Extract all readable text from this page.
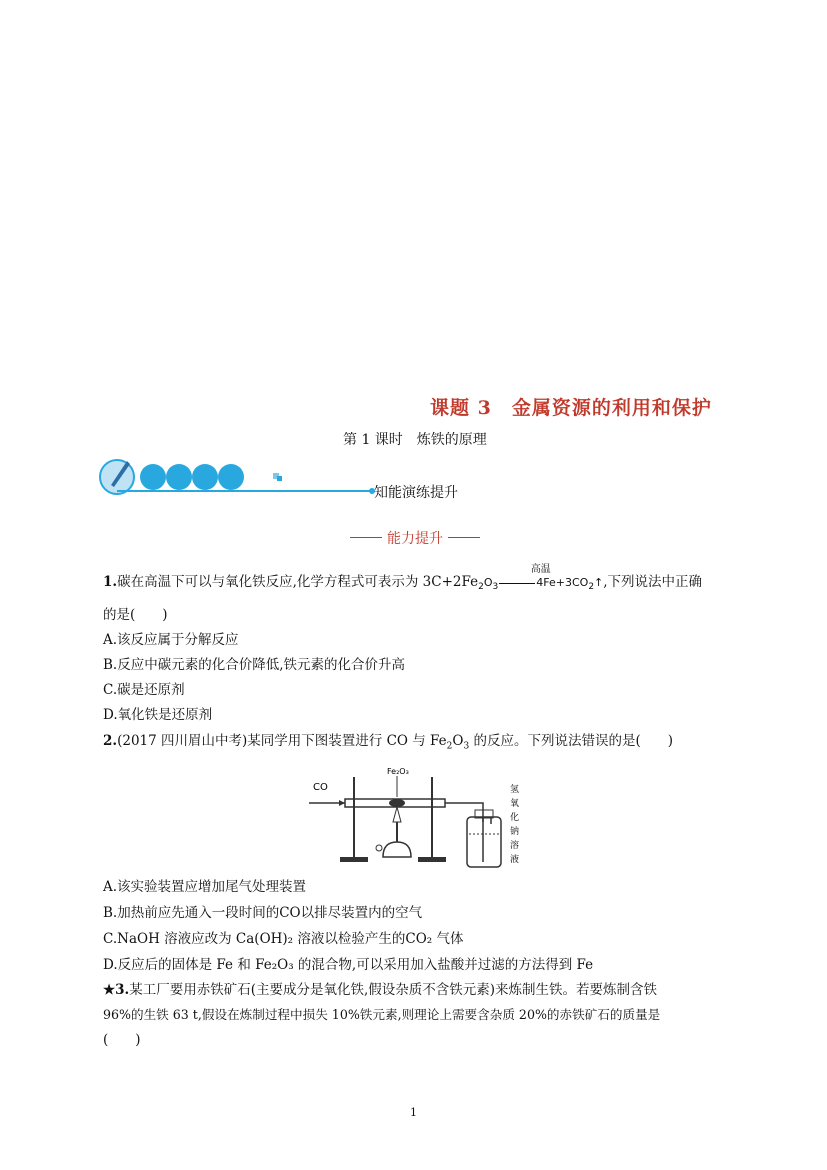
课题 3　金属资源的利用和保护
第 1 课时　炼铁的原理
知能演练提升
能力提升
1.碳在高温下可以与氧化铁反应,化学方程式可表示为 $3C+2Fe_2O_3$
高温
$4Fe+3CO_2↑$,下列说法中正确
的是(　　)
A.该反应属于分解反应
B.反应中碳元素的化合价降低,铁元素的化合价升高
C.碳是还原剂
D.氧化铁是还原剂
2.(2017 四川眉山中考)某同学用下图装置进行 CO 与 $Fe_2O_3$ 的反应。下列说法错误的是(　　)
CO
Fe₂O₃
氢
氧
化
钠
溶
液
A.该实验装置应增加尾气处理装置
B.加热前应先通入一段时间的CO以排尽装置内的空气
C.NaOH 溶液应改为 Ca(OH)₂ 溶液以检验产生的CO₂ 气体
D.反应后的固体是 Fe 和 Fe₂O₃ 的混合物,可以采用加入盐酸并过滤的方法得到 Fe
★3.某工厂要用赤铁矿石(主要成分是氧化铁,假设杂质不含铁元素)来炼制生铁。若要炼制含铁
96%的生铁 63 t,假设在炼制过程中损失 10%铁元素,则理论上需要含杂质 20%的赤铁矿石的质量是
(　　)
1
